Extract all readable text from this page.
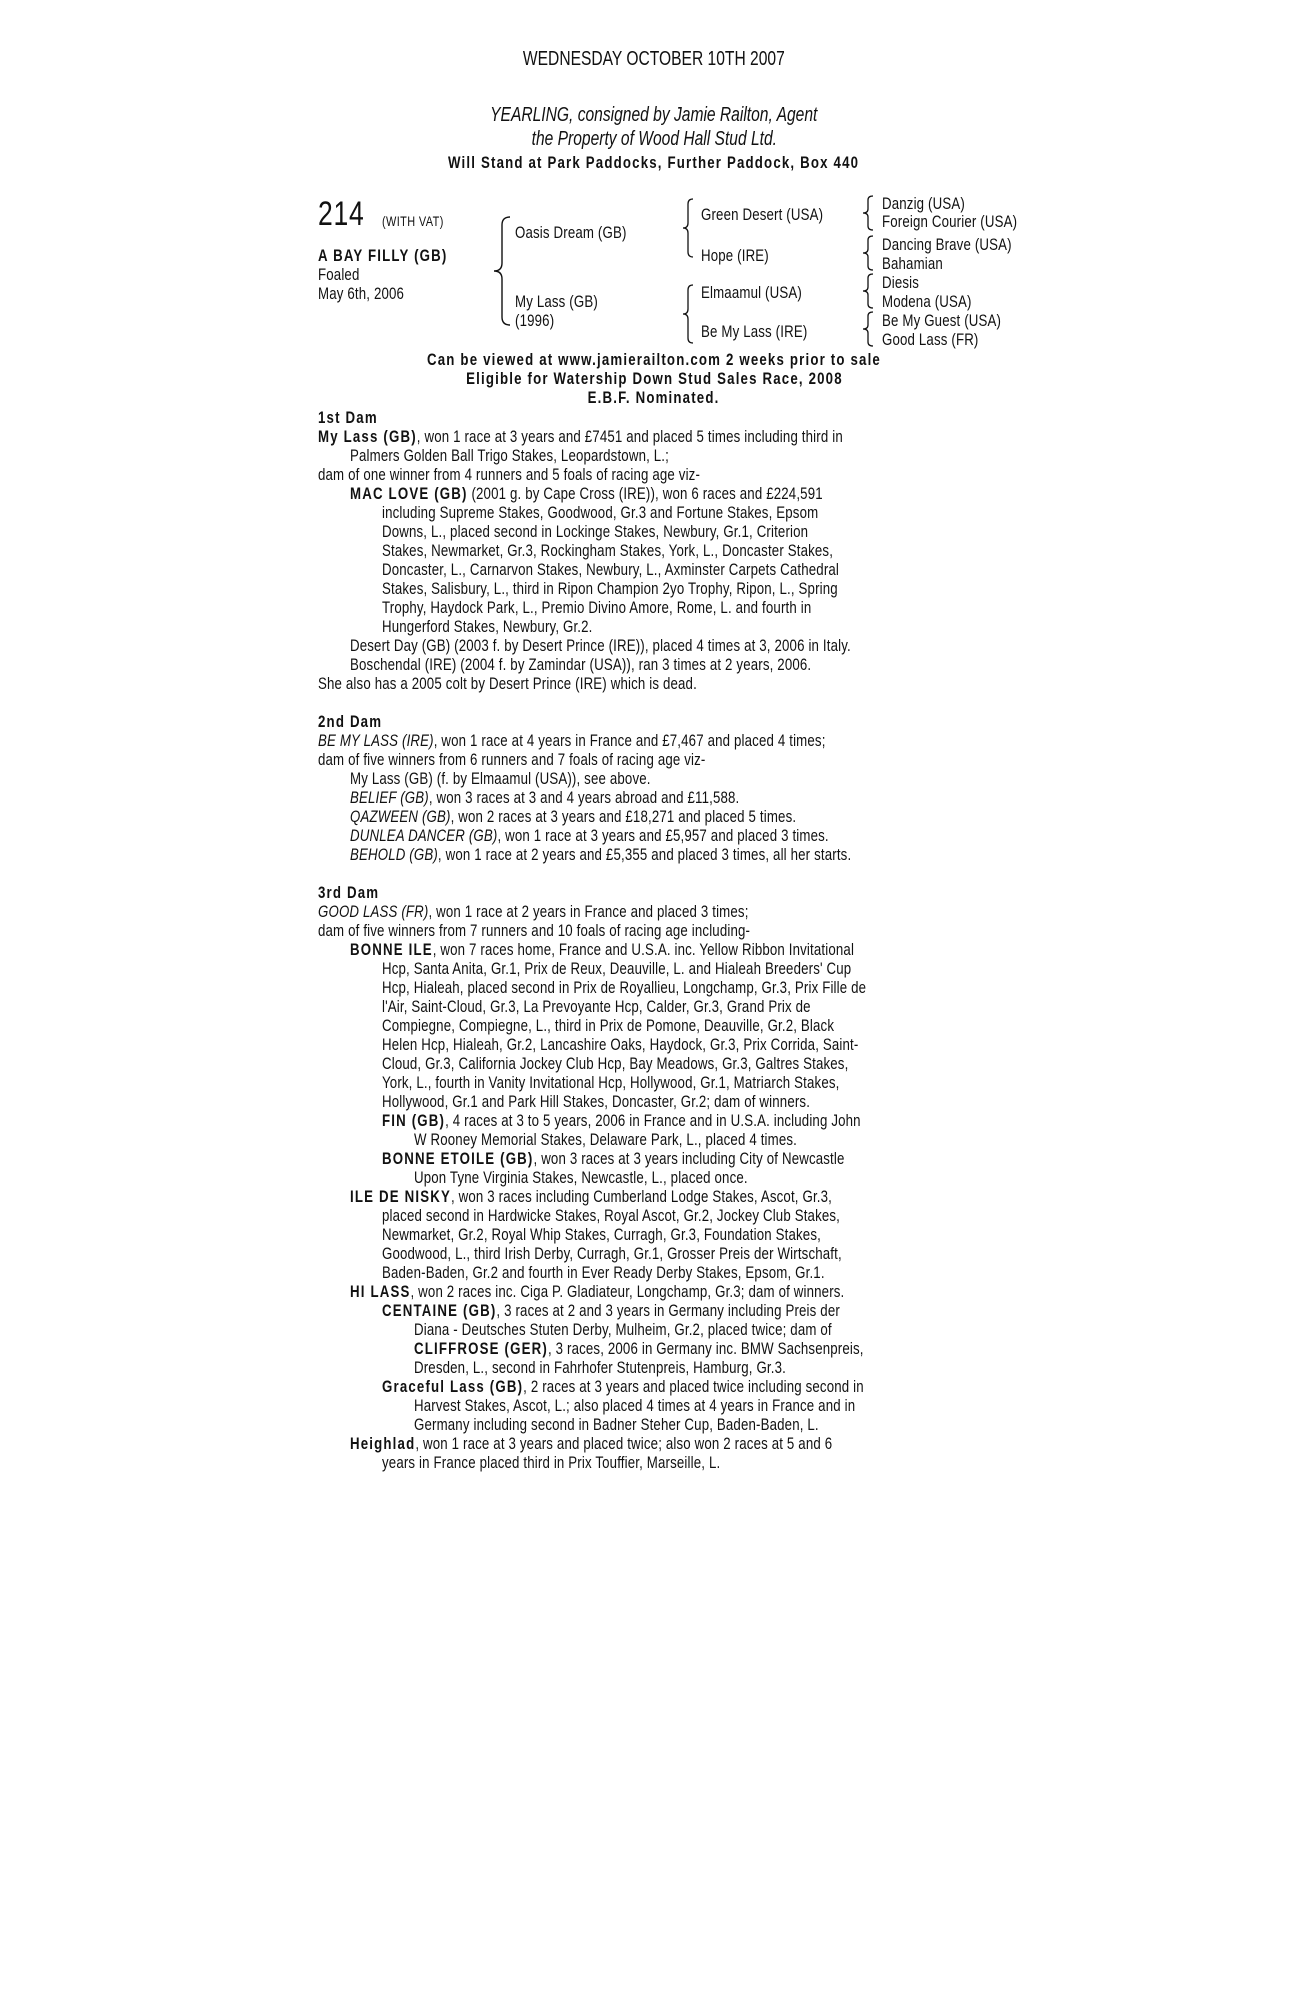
WEDNESDAY OCTOBER 10TH 2007
YEARLING, consigned by Jamie Railton, Agent
the Property of Wood Hall Stud Ltd.
Will Stand at Park Paddocks, Further Paddock, Box 440
214 (WITH VAT)
A BAY FILLY (GB)
Foaled
May 6th, 2006
Oasis Dream (GB)
My Lass (GB)
(1996)
Green Desert (USA)
Hope (IRE)
Elmaamul (USA)
Be My Lass (IRE)
Danzig (USA)
Foreign Courier (USA)
Dancing Brave (USA)
Bahamian
Diesis
Modena (USA)
Be My Guest (USA)
Good Lass (FR)
Can be viewed at www.jamierailton.com 2 weeks prior to sale
Eligible for Watership Down Stud Sales Race, 2008
E.B.F. Nominated.
1st Dam
My Lass (GB), won 1 race at 3 years and £7451 and placed 5 times including third in
Palmers Golden Ball Trigo Stakes, Leopardstown, L.;
dam of one winner from 4 runners and 5 foals of racing age viz-
MAC LOVE (GB) (2001 g. by Cape Cross (IRE)), won 6 races and £224,591
including Supreme Stakes, Goodwood, Gr.3 and Fortune Stakes, Epsom
Downs, L., placed second in Lockinge Stakes, Newbury, Gr.1, Criterion
Stakes, Newmarket, Gr.3, Rockingham Stakes, York, L., Doncaster Stakes,
Doncaster, L., Carnarvon Stakes, Newbury, L., Axminster Carpets Cathedral
Stakes, Salisbury, L., third in Ripon Champion 2yo Trophy, Ripon, L., Spring
Trophy, Haydock Park, L., Premio Divino Amore, Rome, L. and fourth in
Hungerford Stakes, Newbury, Gr.2.
Desert Day (GB) (2003 f. by Desert Prince (IRE)), placed 4 times at 3, 2006 in Italy.
Boschendal (IRE) (2004 f. by Zamindar (USA)), ran 3 times at 2 years, 2006.
She also has a 2005 colt by Desert Prince (IRE) which is dead.
2nd Dam
BE MY LASS (IRE), won 1 race at 4 years in France and £7,467 and placed 4 times;
dam of five winners from 6 runners and 7 foals of racing age viz-
My Lass (GB) (f. by Elmaamul (USA)), see above.
BELIEF (GB), won 3 races at 3 and 4 years abroad and £11,588.
QAZWEEN (GB), won 2 races at 3 years and £18,271 and placed 5 times.
DUNLEA DANCER (GB), won 1 race at 3 years and £5,957 and placed 3 times.
BEHOLD (GB), won 1 race at 2 years and £5,355 and placed 3 times, all her starts.
3rd Dam
GOOD LASS (FR), won 1 race at 2 years in France and placed 3 times;
dam of five winners from 7 runners and 10 foals of racing age including-
BONNE ILE, won 7 races home, France and U.S.A. inc. Yellow Ribbon Invitational
Hcp, Santa Anita, Gr.1, Prix de Reux, Deauville, L. and Hialeah Breeders' Cup
Hcp, Hialeah, placed second in Prix de Royallieu, Longchamp, Gr.3, Prix Fille de
l'Air, Saint-Cloud, Gr.3, La Prevoyante Hcp, Calder, Gr.3, Grand Prix de
Compiegne, Compiegne, L., third in Prix de Pomone, Deauville, Gr.2, Black
Helen Hcp, Hialeah, Gr.2, Lancashire Oaks, Haydock, Gr.3, Prix Corrida, Saint-
Cloud, Gr.3, California Jockey Club Hcp, Bay Meadows, Gr.3, Galtres Stakes,
York, L., fourth in Vanity Invitational Hcp, Hollywood, Gr.1, Matriarch Stakes,
Hollywood, Gr.1 and Park Hill Stakes, Doncaster, Gr.2; dam of winners.
FIN (GB), 4 races at 3 to 5 years, 2006 in France and in U.S.A. including John
W Rooney Memorial Stakes, Delaware Park, L., placed 4 times.
BONNE ETOILE (GB), won 3 races at 3 years including City of Newcastle
Upon Tyne Virginia Stakes, Newcastle, L., placed once.
ILE DE NISKY, won 3 races including Cumberland Lodge Stakes, Ascot, Gr.3,
placed second in Hardwicke Stakes, Royal Ascot, Gr.2, Jockey Club Stakes,
Newmarket, Gr.2, Royal Whip Stakes, Curragh, Gr.3, Foundation Stakes,
Goodwood, L., third Irish Derby, Curragh, Gr.1, Grosser Preis der Wirtschaft,
Baden-Baden, Gr.2 and fourth in Ever Ready Derby Stakes, Epsom, Gr.1.
HI LASS, won 2 races inc. Ciga P. Gladiateur, Longchamp, Gr.3; dam of winners.
CENTAINE (GB), 3 races at 2 and 3 years in Germany including Preis der
Diana - Deutsches Stuten Derby, Mulheim, Gr.2, placed twice; dam of
CLIFFROSE (GER), 3 races, 2006 in Germany inc. BMW Sachsenpreis,
Dresden, L., second in Fahrhofer Stutenpreis, Hamburg, Gr.3.
Graceful Lass (GB), 2 races at 3 years and placed twice including second in
Harvest Stakes, Ascot, L.; also placed 4 times at 4 years in France and in
Germany including second in Badner Steher Cup, Baden-Baden, L.
Heighlad, won 1 race at 3 years and placed twice; also won 2 races at 5 and 6
years in France placed third in Prix Touffier, Marseille, L.
